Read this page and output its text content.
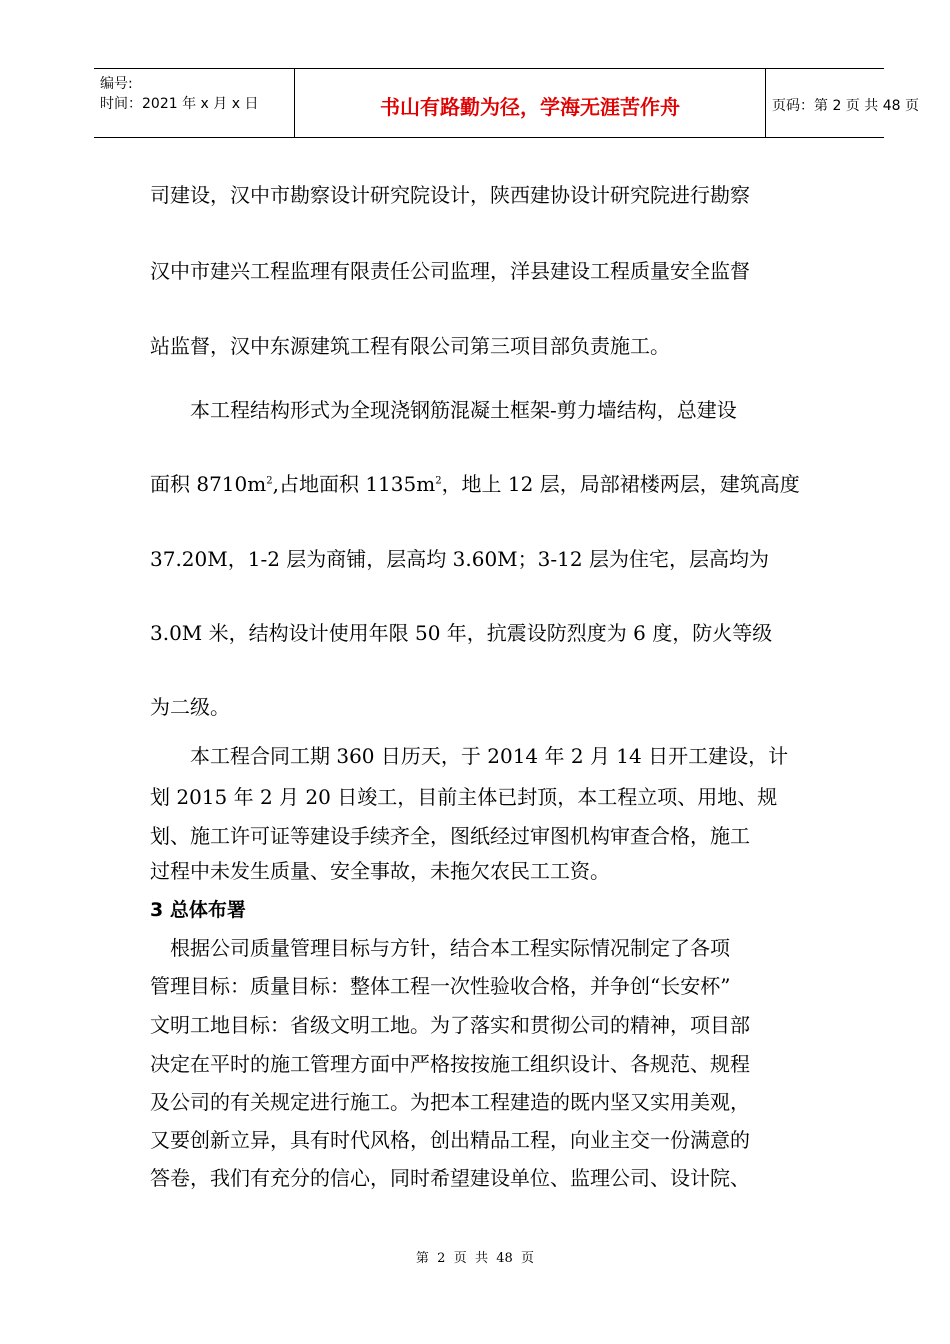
编号:
时间：2021 年 x 月 x 日	书山有路勤为径，学海无涯苦作舟	页码：第 2 页 共 48 页
司建设，汉中市勘察设计研究院设计，陕西建协设计研究院进行勘察
汉中市建兴工程监理有限责任公司监理，洋县建设工程质量安全监督
站监督，汉中东源建筑工程有限公司第三项目部负责施工。
　　本工程结构形式为全现浇钢筋混凝土框架-剪力墙结构，总建设
面积 $8710m^2$,占地面积 $1135m^2$，地上 12 层，局部裙楼两层，建筑高度
37.20M，1-2 层为商铺，层高均 3.60M；3-12 层为住宅，层高均为
3.0M 米，结构设计使用年限 50 年，抗震设防烈度为 6 度，防火等级
为二级。
　　本工程合同工期 360 日历天，于 2014 年 2 月 14 日开工建设，计
划 2015 年 2 月 20 日竣工，目前主体已封顶，本工程立项、用地、规
划、施工许可证等建设手续齐全，图纸经过审图机构审查合格，施工
过程中未发生质量、安全事故，未拖欠农民工工资。
3 总体布署
　根据公司质量管理目标与方针，结合本工程实际情况制定了各项
管理目标：质量目标：整体工程一次性验收合格，并争创“长安杯”
文明工地目标：省级文明工地。为了落实和贯彻公司的精神，项目部
决定在平时的施工管理方面中严格按按施工组织设计、各规范、规程
及公司的有关规定进行施工。为把本工程建造的既内坚又实用美观，
又要创新立异，具有时代风格，创出精品工程，向业主交一份满意的
答卷，我们有充分的信心，同时希望建设单位、监理公司、设计院、
第  2  页  共  48  页
